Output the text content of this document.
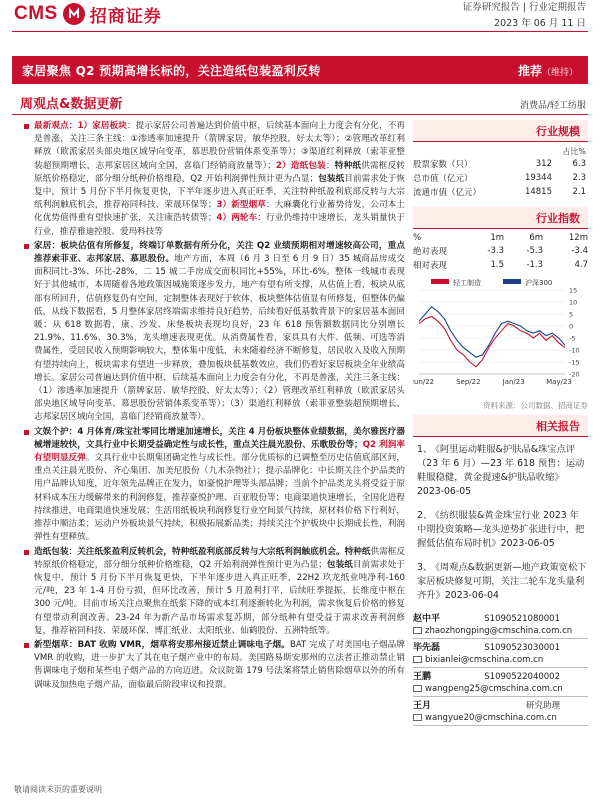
CMS 招商证券	证券研究报告 | 行业定期报告
2023 年 06 月 11 日
家居聚焦 Q2 预期高增长标的，关注造纸包装盈利反转	推荐（维持）
周观点&数据更新	消费品/轻工纺服
最新观点：1）家居板块：提示家居公司普遍达到价值中枢，后续基本面向上力度会有分化，不再是普涨，关注三条主线：①渗透率加速提升（箭牌家居，敏华控股，好太太等）；②管理改革红利释放（欧派家居头部央地区域导向变革，慕思股份营销体系变革等）；③渠道红利释放（索菲亚整装超预期增长，志邦家居区域向全国，喜临门经销商放量等）；2）造纸包装：特种纸供需框反转原纸价格稳定，部分细分纸种价格维稳，Q2 开始利润弹性预计更为凸显；包装纸目前需求处于恢复中，预计 5 月份下半月恢复更快，下半年逐步进入真正旺季，关注特种纸盈利底部反转与大宗纸利润触底机会，推荐裕同科技、荣晟环保等；3）新型烟草：大麻囊化行业蓄势待发，公司本土化优势值得重有望快速扩张，关注康浩转债等；4）两轮车：行业仍维持中速增长，龙头销量快于行业，推荐雅迪控股、爱玛科技等
家居：板块估值有所修复，终端订单数据有所分化，关注 Q2 业绩预期相对增速较高公司，重点推荐索菲亚、志邦家居、慕思股份。地产方面，本周（6 月 3 日至 6 月 9 日）35 城商品房成交面积同比-3%、环比-28%，二 15 城二手房成交面积同比+55%，环比-6%。整体一线城市表现好于其他城市，本周随着各地政策因城施策逐步发力，地产有望有所支撑，从估值上看，板块从底部有所回升，估值修复仍有空间，定制整体表现好于软体，板块整体估值显有所修复，但整体仍偏低，从线下数据看，5 月整体家居终端需求维持良好趋势，后续看好低基数背景下的家居基本面回暖；从 618 数据看，康、沙发、床垫板块表现均良好，23 年 618 预售额数据同比分别增长 21.9%、11.6%、30.3%，龙头增速表现更优。从消费属性看，家具具有大件、低频、可选等消费属性，受居民收入预期影响较大，整体集中度低，未来随着经济不断修复，居民收入及收入预期有望持续向上，板块需求有望进一步释放，叠加板块低基数效应，我们仍看好家居板块全年业绩高增长。家居公司普遍达到价值中枢，后续基本面向上力度会有分化，不再是普涨，关注三条主线：（1）渗透率加速提升（箭牌家居、敏华控股、好太太等）；（2）管理改革红利释放（欧派家居头部央地区域导向变革、慕思股份营销体系变革等）；（3）渠道红利释放（索菲亚整装超预期增长、志邦家居区域向全国，喜临门经销商放量等）。
文娱个护：4 月体育/珠宝社零同比增速加速增长，关注 4 月份板块整体业绩数据，美尔雅医疗器械增速较快，文具行业中长期受益确定性与成长性，重点关注晨光股份、乐歌股份等；Q2 利润率有望明显反弹。文具行业中长期集团确定性与成长性。部分优质标的已调整至历史估值底部区间，重点关注晨光股份、齐心集团、加美尼股份（九木杂物社）；提示品牌化：中长期关注个护品类的用户品牌认知度，近年领先品牌正在发力，如豪悦护理等头部品牌；当前个护品类龙头将受益于原材料成本压力缓解带来的利润修复，推荐豪悦护理、百亚股份等；电商渠道快速增长，全国化进程持续推进，电商渠道快速发展；生活用纸板块利润修复行业空间景气持续，原材料价格下行利好，推荐中顺洁柔；运动户外板块景气持续，积极拓展新品类；持续关注个护板块中长期成长性，利润弹性有望释放。
造纸包装：关注纸浆盈利反转机会，特种纸盈利底部反转与大宗纸利润触底机会。特种纸供需框反转原纸价格稳定，部分细分纸种价格维稳，Q2 开始利润弹性预计更为凸显；包装纸目前需求处于恢复中，预计 5 月份下半月恢复更快，下半年逐步进入真正旺季，22H2 玖龙纸业吨净利-160 元/吨，23 年 1-4 月份亏损，但环比改善，预计 5 月盈利打平，后续旺季提振，长维度中枢在 300 元/吨。目前市场关注点聚焦在纸浆下降的成本红利逐渐转化为利润，需求恢复后价格的修复有望带动利润改善。23-24 年为新产品市场需求复苏期，部分纸种有望受益于需求改善利润修复，推荐裕同科技、荣晟环保、博汇纸业、太阳纸业、仙鹤股份、五洲特纸等。
新型烟草：BAT 收购 VMR，烟草将安那州接近禁止调味电子烟。BAT 完成了对美国电子烟品牌 VMR 的收购，进一步扩大了其在电子烟产业中的布局。美国路易斯安那州的立法者正推动禁止销售调味电子烟和某些电子烟产品的方向迈进。众议院第 179 号法案将禁止销售除烟草以外的所有调味及加热电子烟产品，面临最后阶段审议和投票。
行业规模
占比%
股票家数（只）	312	6.3
总市值（亿元）	19344	2.3
流通市值（亿元）	14815	2.1
行业指数
%	1m	6m	12m
绝对表现	-3.3	-5.3	-3.4
相对表现	1.5	-1.3	4.7
轻工制造	沪深300
15
10
5
0
-5
-10
-15
-20
Jun/22	Sep/22	Jan/23	May/23
资料来源：公司数据、招商证券
相关报告
1、 《阿里运动鞋服&护肤品&珠宝点评（23 年 6 月）—23 年 618 预售：运动鞋服稳健，黄金提速&护肤品收缩》2023-06-05
2、 《纺织服装&黄金珠宝行业 2023 年中期投资策略—龙头逆势扩张进行中，把握低估值布局时机》2023-06-05
3、 《周观点&数据更新—地产政策宽松下家居板块修复可期，关注二轮车龙头量利齐升》2023-06-04
赵中平	S1090521080001
zhaozhongping@cmschina.com.cn
毕先磊	S1090523030001
bixianlei@cmschina.com.cn
王鹏	S1090522040002
wangpeng25@cmschina.com.cn
王月	研究助理
wangyue20@cmschina.com.cn
敬请阅读末页的重要说明
